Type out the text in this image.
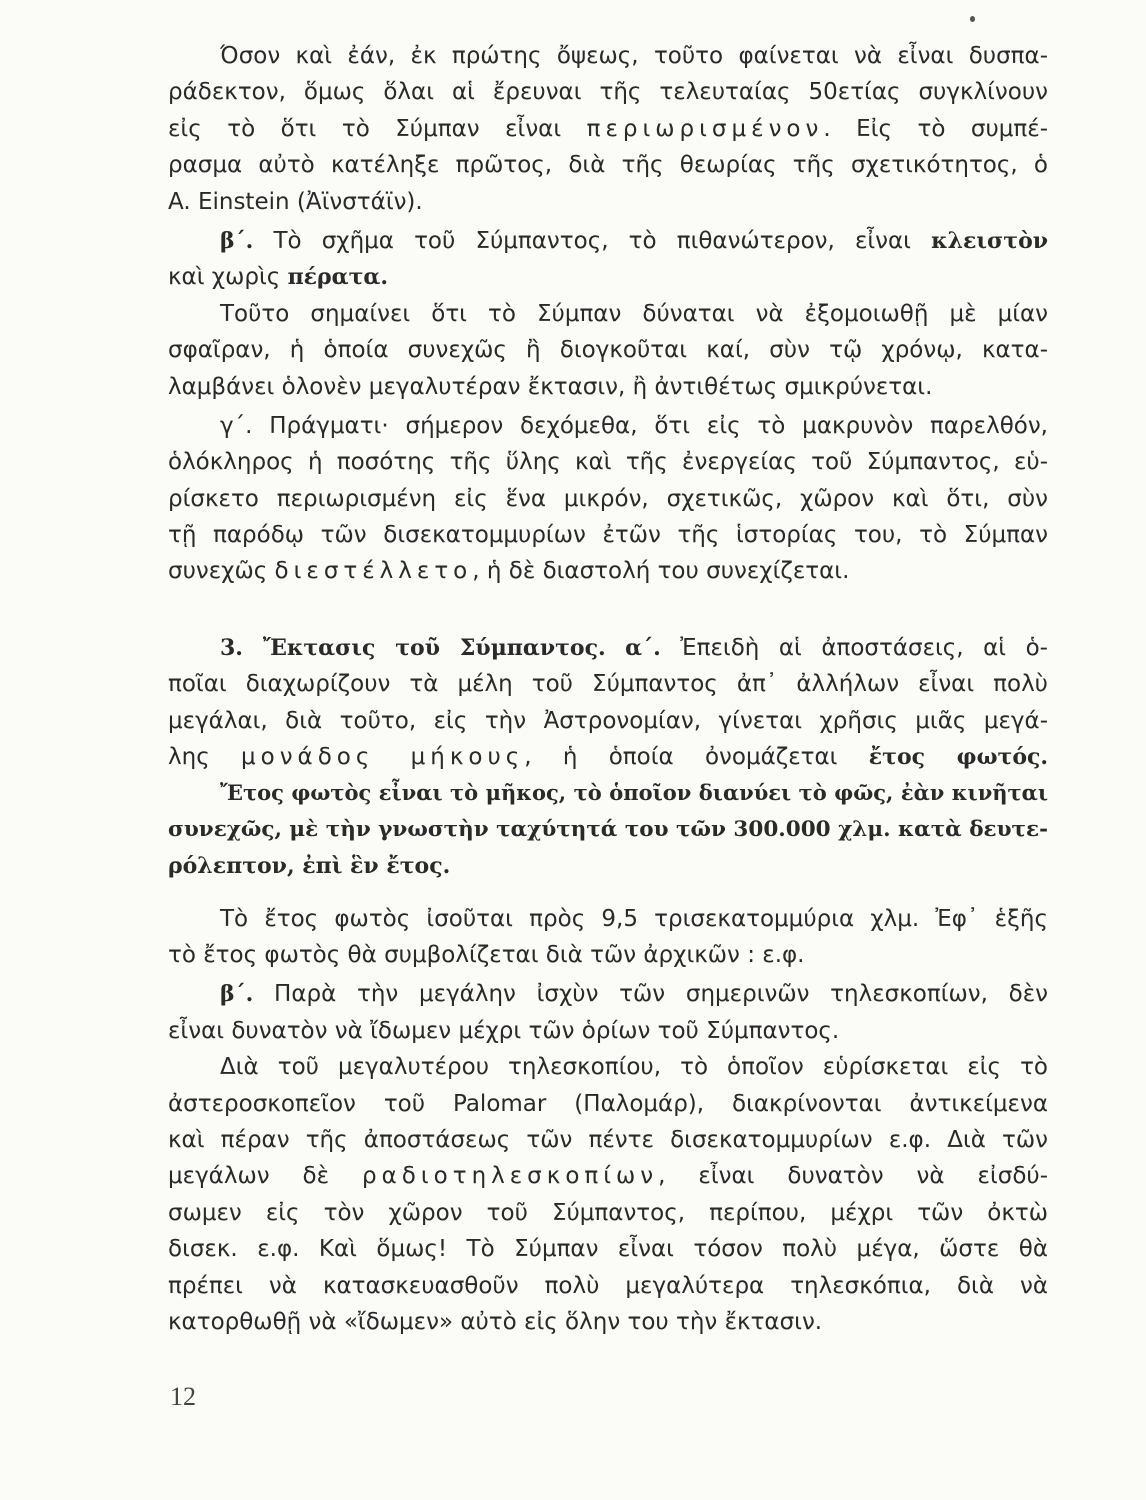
Όσον καὶ ἐάν, ἐκ πρώτης ὄψεως, τοῦτο φαίνεται νὰ εἶναι δυσπα-
ράδεκτον, ὅμως ὅλαι αἱ ἔρευναι τῆς τελευταίας 50ετίας συγκλίνουν
εἰς τὸ ὅτι τὸ Σύμπαν εἶναι περιωρισμένον. Εἰς τὸ συμπέ-
ρασμα αὐτὸ κατέληξε πρῶτος, διὰ τῆς θεωρίας τῆς σχετικότητος, ὁ
A. Einstein (Ἀϊνστάϊν).
β΄. Τὸ σχῆμα τοῦ Σύμπαντος, τὸ πιθανώτερον, εἶναι κλειστὸν
καὶ χωρὶς πέρατα.
Τοῦτο σημαίνει ὅτι τὸ Σύμπαν δύναται νὰ ἐξομοιωθῇ μὲ μίαν
σφαῖραν, ἡ ὁποία συνεχῶς ἢ διογκοῦται καί, σὺν τῷ χρόνῳ, κατα-
λαμβάνει ὁλονὲν μεγαλυτέραν ἔκτασιν, ἢ ἀντιθέτως σμικρύνεται.
γ΄. Πράγματι· σήμερον δεχόμεθα, ὅτι εἰς τὸ μακρυνὸν παρελθόν,
ὁλόκληρος ἡ ποσότης τῆς ὕλης καὶ τῆς ἐνεργείας τοῦ Σύμπαντος, εὑ-
ρίσκετο περιωρισμένη εἰς ἕνα μικρόν, σχετικῶς, χῶρον καὶ ὅτι, σὺν
τῇ παρόδῳ τῶν δισεκατομμυρίων ἐτῶν τῆς ἱστορίας του, τὸ Σύμπαν
συνεχῶς διεστέλλετο, ἡ δὲ διαστολή του συνεχίζεται.
3. Ἔκτασις τοῦ Σύμπαντος. α΄. Ἐπειδὴ αἱ ἀποστάσεις, αἱ ὁ-
ποῖαι διαχωρίζουν τὰ μέλη τοῦ Σύμπαντος ἀπ᾽ ἀλλήλων εἶναι πολὺ
μεγάλαι, διὰ τοῦτο, εἰς τὴν Ἀστρονομίαν, γίνεται χρῆσις μιᾶς μεγά-
λης μονάδος μήκους, ἡ ὁποία ὀνομάζεται ἔτος φωτός.
Ἔτος φωτὸς εἶναι τὸ μῆκος, τὸ ὁποῖον διανύει τὸ φῶς, ἐὰν κινῆται
συνεχῶς, μὲ τὴν γνωστὴν ταχύτητά του τῶν 300.000 χλμ. κατὰ δευτε-
ρόλεπτον, ἐπὶ ἓν ἔτος.
Τὸ ἔτος φωτὸς ἰσοῦται πρὸς 9,5 τρισεκατομμύρια χλμ. Ἐφ᾽ ἑξῆς
τὸ ἔτος φωτὸς θὰ συμβολίζεται διὰ τῶν ἀρχικῶν : ε.φ.
β΄. Παρὰ τὴν μεγάλην ἰσχὺν τῶν σημερινῶν τηλεσκοπίων, δὲν
εἶναι δυνατὸν νὰ ἴδωμεν μέχρι τῶν ὁρίων τοῦ Σύμπαντος.
Διὰ τοῦ μεγαλυτέρου τηλεσκοπίου, τὸ ὁποῖον εὑρίσκεται εἰς τὸ
ἀστεροσκοπεῖον τοῦ Palomar (Παλομάρ), διακρίνονται ἀντικείμενα
καὶ πέραν τῆς ἀποστάσεως τῶν πέντε δισεκατομμυρίων ε.φ. Διὰ τῶν
μεγάλων δὲ ραδιοτηλεσκοπίων, εἶναι δυνατὸν νὰ εἰσδύ-
σωμεν εἰς τὸν χῶρον τοῦ Σύμπαντος, περίπου, μέχρι τῶν ὀκτὼ
δισεκ. ε.φ. Καὶ ὅμως! Τὸ Σύμπαν εἶναι τόσον πολὺ μέγα, ὥστε θὰ
πρέπει νὰ κατασκευασθοῦν πολὺ μεγαλύτερα τηλεσκόπια, διὰ νὰ
κατορθωθῇ νὰ «ἴδωμεν» αὐτὸ εἰς ὅλην του τὴν ἔκτασιν.
12
